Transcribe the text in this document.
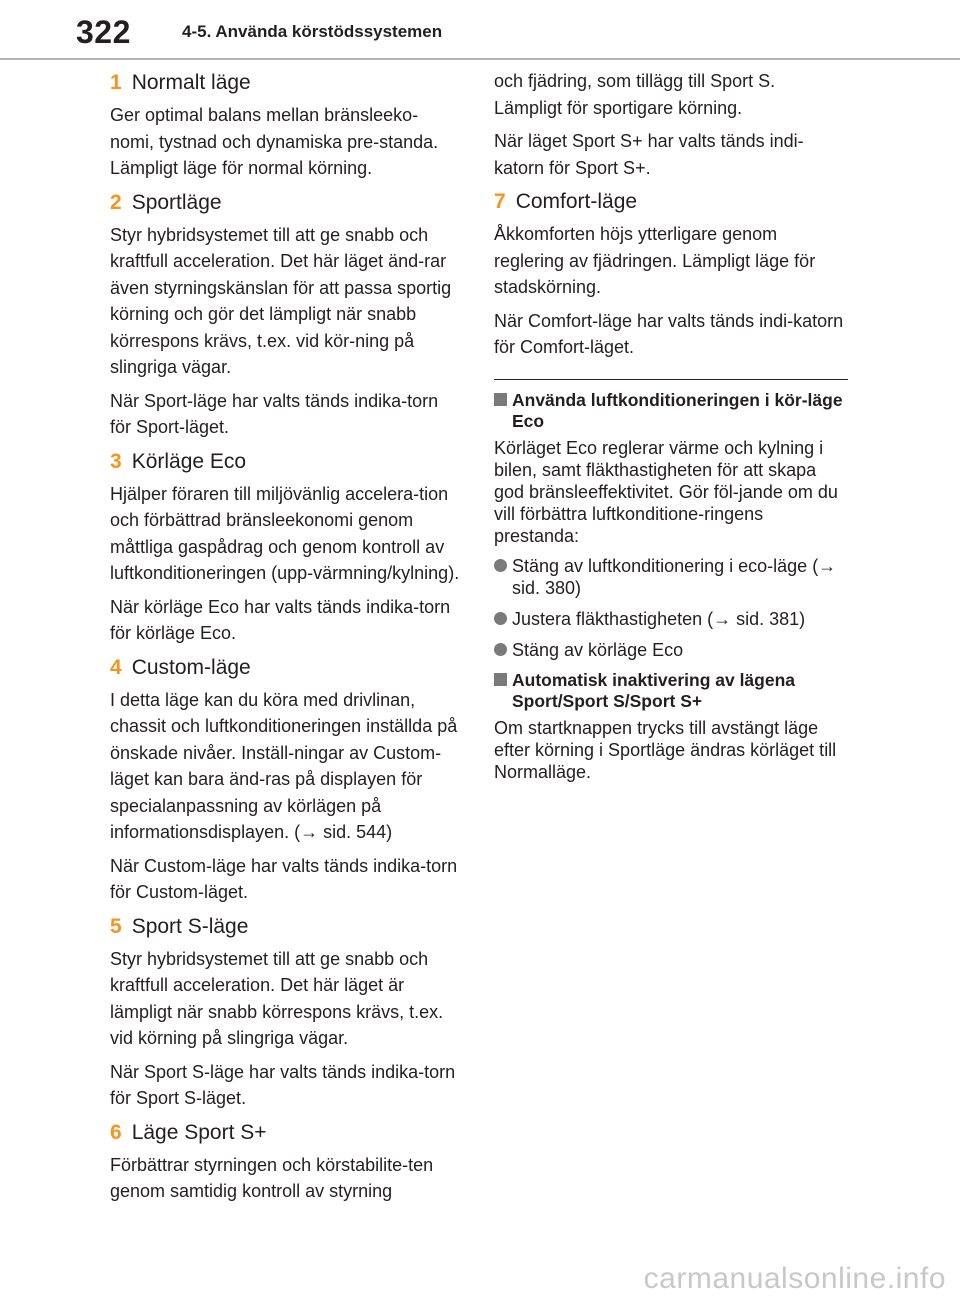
322	4-5. Använda körstödssystemen
1 Normalt läge

Ger optimal balans mellan bränsleeko-nomi, tystnad och dynamiska pre-standa. Lämpligt läge för normal körning.

2 Sportläge

Styr hybridsystemet till att ge snabb och kraftfull acceleration. Det här läget änd-rar även styrningskänslan för att passa sportig körning och gör det lämpligt när snabb körrespons krävs, t.ex. vid kör-ning på slingriga vägar.

När Sport-läge har valts tänds indika-torn för Sport-läget.

3 Körläge Eco

Hjälper föraren till miljövänlig accelera-tion och förbättrad bränsleekonomi genom måttliga gaspådrag och genom kontroll av luftkonditioneringen (upp-värmning/kylning).

När körläge Eco har valts tänds indika-torn för körläge Eco.

4 Custom-läge

I detta läge kan du köra med drivlinan, chassit och luftkonditioneringen inställda på önskade nivåer. Inställ-ningar av Custom-läget kan bara änd-ras på displayen för specialanpassning av körlägen på informationsdisplayen. (→ sid. 544)

När Custom-läge har valts tänds indika-torn för Custom-läget.

5 Sport S-läge

Styr hybridsystemet till att ge snabb och kraftfull acceleration. Det här läget är lämpligt när snabb körrespons krävs, t.ex. vid körning på slingriga vägar.

När Sport S-läge har valts tänds indika-torn för Sport S-läget.

6 Läge Sport S+

Förbättrar styrningen och körstabilite-ten genom samtidig kontroll av styrning

och fjädring, som tillägg till Sport S. Lämpligt för sportigare körning.

När läget Sport S+ har valts tänds indi-katorn för Sport S+.

7 Comfort-läge

Åkkomforten höjs ytterligare genom reglering av fjädringen. Lämpligt läge för stadskörning.

När Comfort-läge har valts tänds indi-katorn för Comfort-läget.

Använda luftkonditioneringen i kör-läge Eco

Körläget Eco reglerar värme och kylning i bilen, samt fläkthastigheten för att skapa god bränsleeffektivitet. Gör föl-jande om du vill förbättra luftkonditione-ringens prestanda:

Stäng av luftkonditionering i eco-läge (→ sid. 380)
Justera fläkthastigheten (→ sid. 381)
Stäng av körläge Eco
Automatisk inaktivering av lägena Sport/Sport S/Sport S+

Om startknappen trycks till avstängt läge efter körning i Sportläge ändras körläget till Normalläge.

carmanualsonline.info
